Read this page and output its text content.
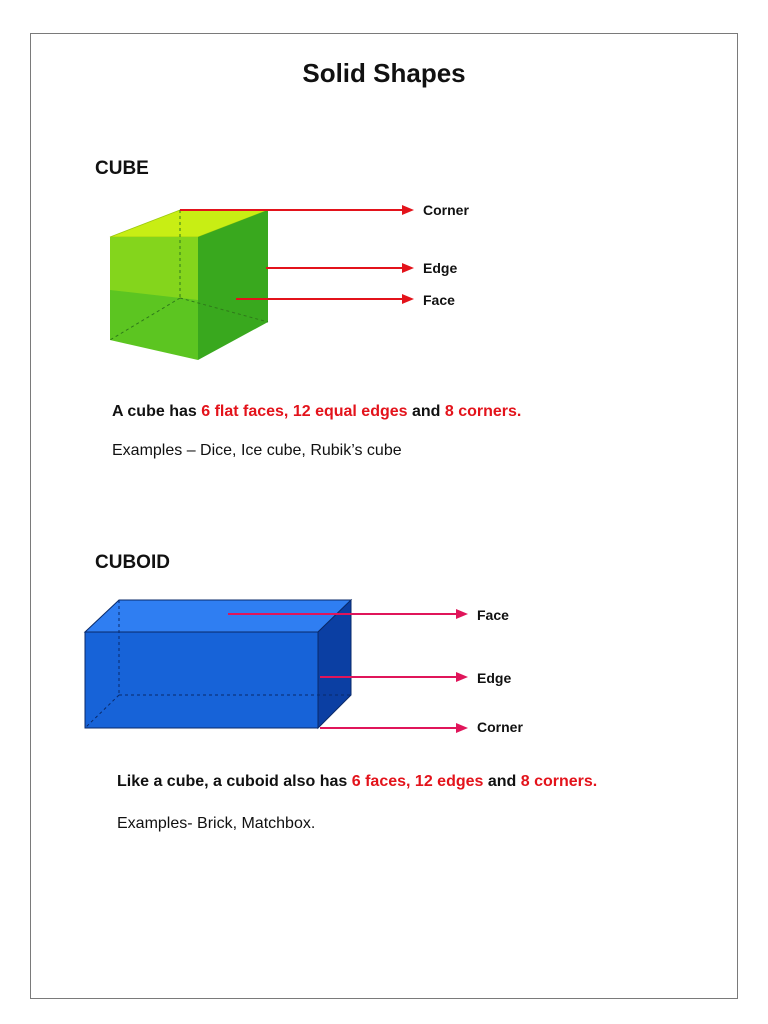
Solid Shapes
CUBE
Corner
Edge
Face
A cube has 6 flat faces, 12 equal edges and 8 corners.
Examples – Dice, Ice cube, Rubik’s cube
CUBOID
Face
Edge
Corner
Like a cube, a cuboid also has 6 faces, 12 edges and 8 corners.
Examples- Brick, Matchbox.
